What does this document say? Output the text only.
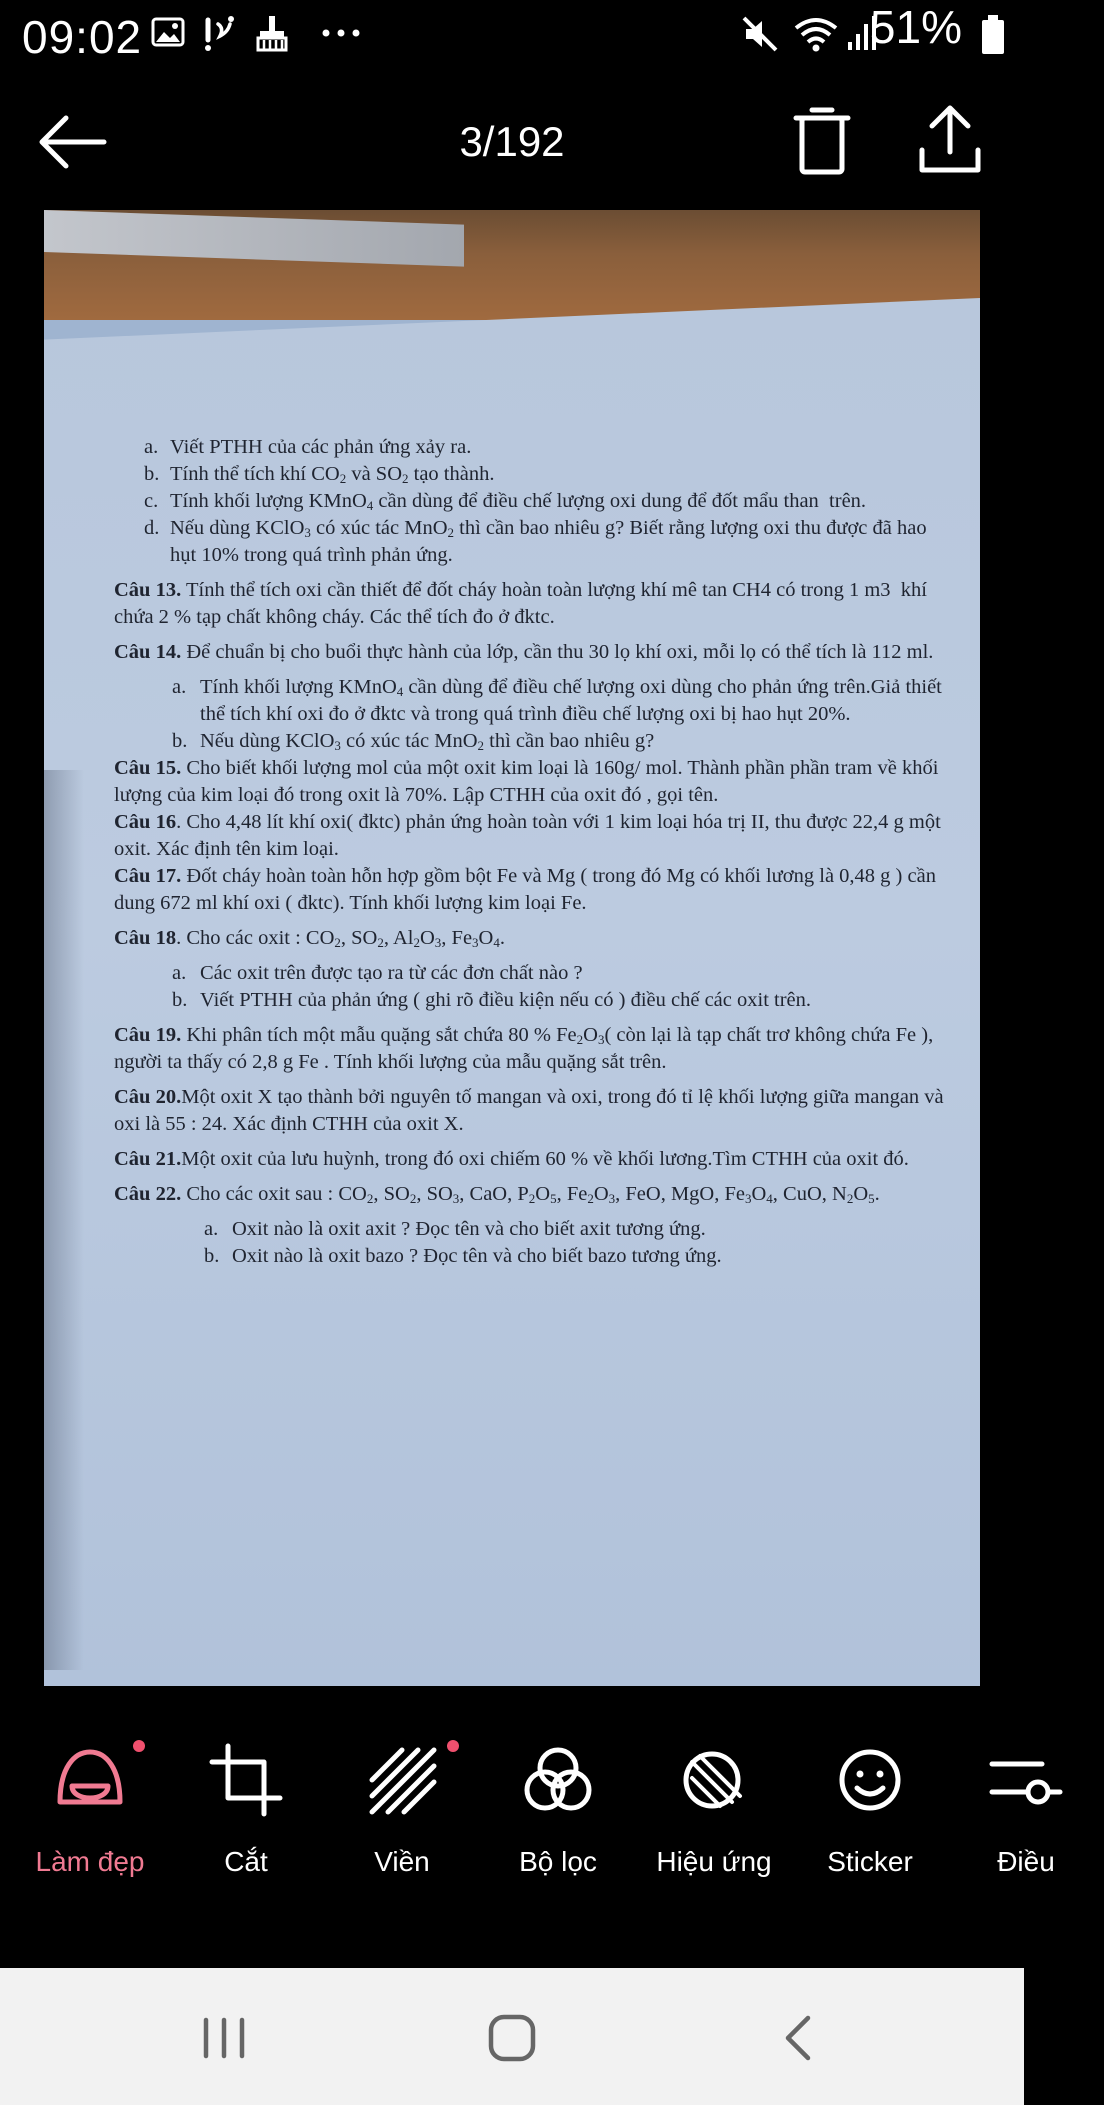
09:02	51%
3/192

a. Viết PTHH của các phản ứng xảy ra.

b. Tính thể tích khí $CO_2$ và $SO_2$ tạo thành.

c. Tính khối lượng KMnO$_4$ cần dùng để điều chế lượng oxi dung để đốt mẩu than  trên.

d. Nếu dùng KClO$_3$ có xúc tác MnO$_2$ thì cần bao nhiêu g? Biết rằng lượng oxi thu được đã hao hụt 10% trong quá trình phản ứng.

Câu 13. Tính thể tích oxi cần thiết để đốt cháy hoàn toàn lượng khí mê tan CH4 có trong 1 m3  khí chứa 2 % tạp chất không cháy. Các thể tích đo ở đktc.

Câu 14. Để chuẩn bị cho buổi thực hành của lớp, cần thu 30 lọ khí oxi, mỗi lọ có thể tích là 112 ml.

a. Tính khối lượng KMnO$_4$ cần dùng để điều chế lượng oxi dùng cho phản ứng trên.Giả thiết thể tích khí oxi đo ở đktc và trong quá trình điều chế lượng oxi bị hao hụt 20%.

b. Nếu dùng KClO$_3$ có xúc tác MnO$_2$ thì cần bao nhiêu g?

Câu 15. Cho biết khối lượng mol của một oxit kim loại là 160g/ mol. Thành phần phần tram về khối lượng của kim loại đó trong oxit là 70%. Lập CTHH của oxit đó , gọi tên.

Câu 16. Cho 4,48 lít khí oxi( đktc) phản ứng hoàn toàn với 1 kim loại hóa trị II, thu được 22,4 g một oxit. Xác định tên kim loại.

Câu 17. Đốt cháy hoàn toàn hỗn hợp gồm bột Fe và Mg ( trong đó Mg có khối lương là 0,48 g ) cần dung 672 ml khí oxi ( đktc). Tính khối lượng kim loại Fe.

Câu 18. Cho các oxit : $CO_2$, $SO_2$, $Al_2O_3$, $Fe_3O_4$.

a. Các oxit trên được tạo ra từ các đơn chất nào ?

b. Viết PTHH của phản ứng ( ghi rõ điều kiện nếu có ) điều chế các oxit trên.

Câu 19. Khi phân tích một mẫu quặng sắt chứa 80 % $Fe_2O_3$( còn lại là tạp chất trơ không chứa Fe ), người ta thấy có 2,8 g Fe . Tính khối lượng của mẫu quặng sắt trên.

Câu 20.Một oxit X tạo thành bởi nguyên tố mangan và oxi, trong đó tỉ lệ khối lượng giữa mangan và oxi là 55 : 24. Xác định CTHH của oxit X.

Câu 21.Một oxit của lưu huỳnh, trong đó oxi chiếm 60 % về khối lương.Tìm CTHH của oxit đó.

Câu 22. Cho các oxit sau : $CO_2$, $SO_2$, $SO_3$, CaO, $P_2O_5$, $Fe_2O_3$, FeO, MgO, $Fe_3O_4$, CuO, $N_2O_5$.

a. Oxit nào là oxit axit ? Đọc tên và cho biết axit tương ứng.

b. Oxit nào là oxit bazo ? Đọc tên và cho biết bazo tương ứng.

Làm đẹp	Cắt	Viền	Bộ lọc	Hiệu ứng	Sticker	Điều
